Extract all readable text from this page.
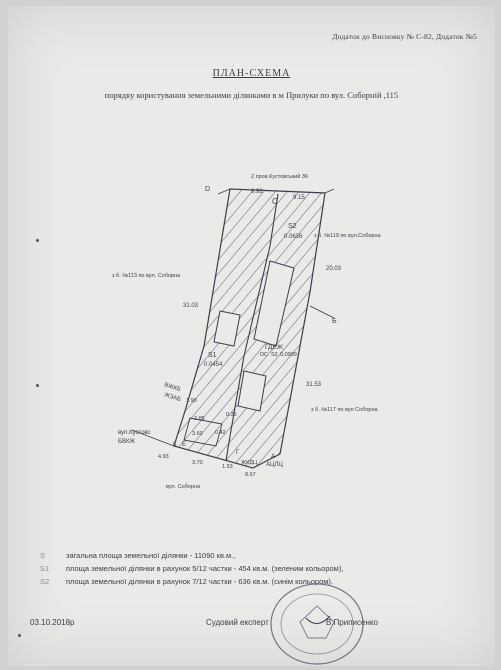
Додаток до Висновку № С-82, Додаток №5
ПЛАН-СХЕМА
порядку користування земельними ділянками в м Прилуки по вул. Соборній ,115
2 пров.Кустовський 36
D
C
8.92
9.15
з б. №119 по вул.Соборна
20.03
Б
з б. №113 по вул. Соборна
31.03
31.53
з б. №117 по вул Соборна
вул. Соборна
вул.Кустовс
S2
0.0636
S1
0.0454
ГДЕЖ
DC S2 0.0909
1.90
2.85
0.35
3.60 0.42
4.93
3.70
1.53
8.67
ВЖКБ
ЖЗАБ
БВКЖ	К Е
Г
ЖКДЦ АЦЛЦ
А
S	загальна площа земельної ділянки - 11090 кв.м.,
S1	площа земельної ділянки в рахунок 5/12 частки - 454 кв.м. (зеленим кольором),
S2	площа земельної ділянки в рахунок 7/12 частки - 636 кв.м. (синім кольором).
03.10.2018р	Судовий експерт	В.Приписенко
